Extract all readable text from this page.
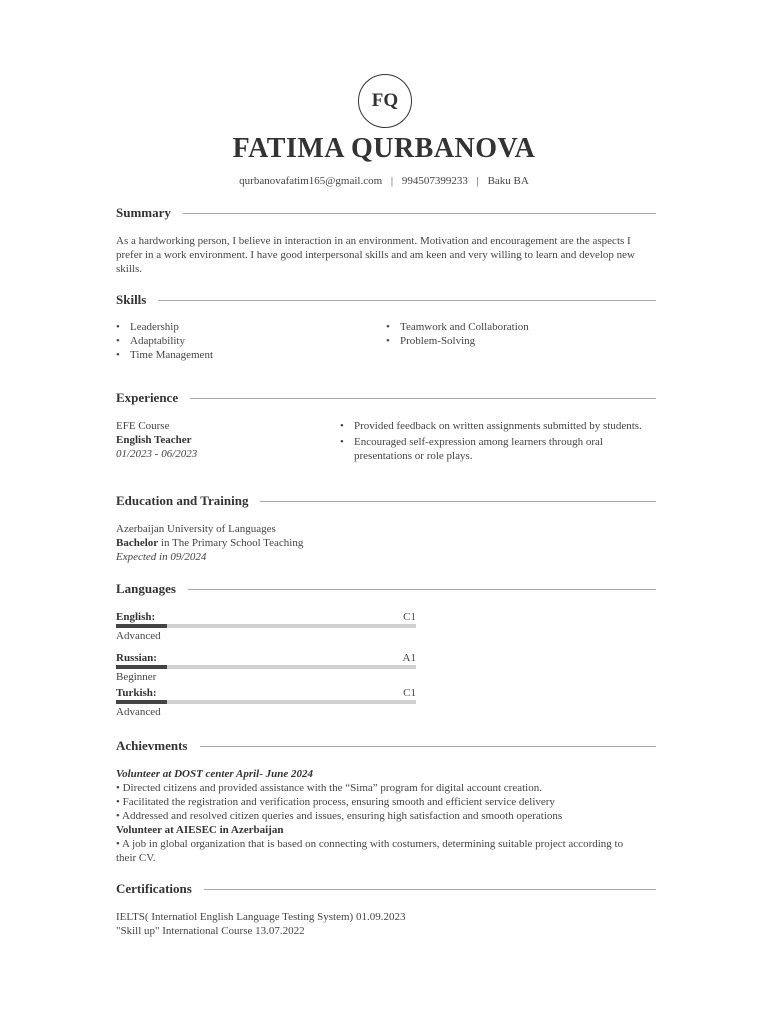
FQ
FATIMA QURBANOVA
qurbanovafatim165@gmail.com | 994507399233 | Baku BA
Summary
As a hardworking person, I believe in interaction in an environment. Motivation and encouragement are the aspects I
prefer in a work environment. I have good interpersonal skills and am keen and very willing to learn and develop new
skills.
Skills
• Leadership
• Adaptability
• Time Management
• Teamwork and Collaboration
• Problem-Solving
Experience
EFE Course
English Teacher
01/2023 - 06/2023
• Provided feedback on written assignments submitted by students.
• Encouraged self-expression among learners through oral presentations or role plays.
Education and Training
Azerbaijan University of Languages
Bachelor in The Primary School Teaching
Expected in 09/2024
Languages
English:	C1
Advanced
Russian:	A1
Beginner
Turkish:	C1
Advanced
Achievments
Volunteer at DOST center April- June 2024
• Directed citizens and provided assistance with the “Sima” program for digital account creation.
• Facilitated the registration and verification process, ensuring smooth and efficient service delivery
• Addressed and resolved citizen queries and issues, ensuring high satisfaction and smooth operations
Volunteer at AIESEC in Azerbaijan
• A job in global organization that is based on connecting with costumers, determining suitable project according to
their CV.
Certifications
IELTS( Internatiol English Language Testing System) 01.09.2023
"Skill up" International Course 13.07.2022
